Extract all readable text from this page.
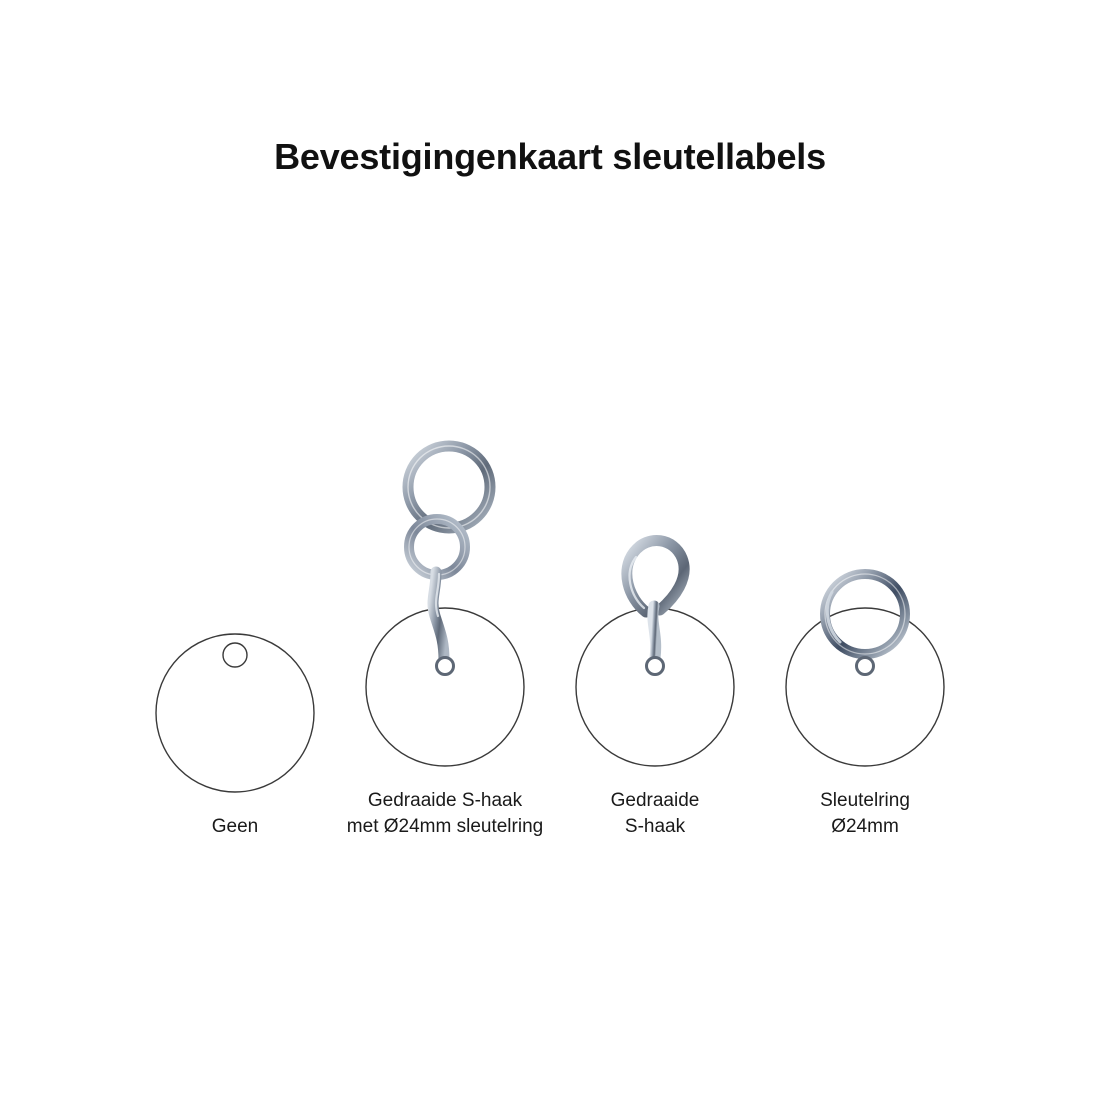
Bevestigingenkaart sleutellabels
Geen
Gedraaide S-haak
met Ø24mm sleutelring
Gedraaide
S-haak
Sleutelring
Ø24mm
